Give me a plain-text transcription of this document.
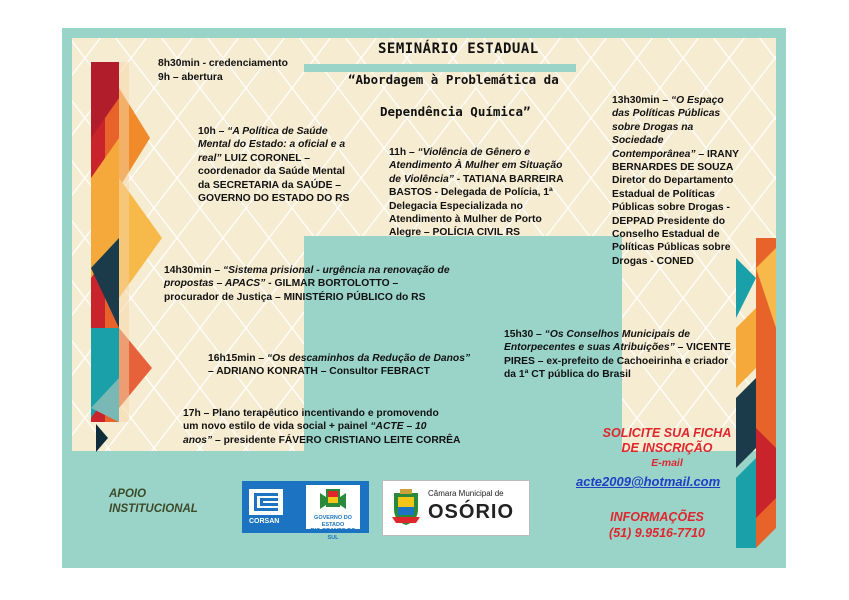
SEMINÁRIO ESTADUAL
“Abordagem à Problemática da
Dependência Química”
8h30min - credenciamento
9h – abertura
10h – “A Política de Saúde Mental do Estado: a oficial e a real” LUIZ CORONEL – coordenador da Saúde Mental da SECRETARIA da SAÚDE – GOVERNO DO ESTADO DO RS
11h – “Violência de Gênero e Atendimento À Mulher em Situação de Violência” - TATIANA BARREIRA BASTOS - Delegada de Polícia, 1ª Delegacia Especializada no Atendimento à Mulher de Porto Alegre – POLÍCIA CIVIL RS
13h30min – “O Espaço das Políticas Públicas sobre Drogas na Sociedade Contemporânea” – IRANY BERNARDES DE SOUZA Diretor do Departamento Estadual de Políticas Públicas sobre Drogas - DEPPAD Presidente do Conselho Estadual de Políticas Públicas sobre Drogas - CONED
14h30min – “Sistema prisional - urgência na renovação de propostas – APACS” - GILMAR BORTOLOTTO – procurador de Justiça – MINISTÉRIO PÚBLICO do RS
15h30 – “Os Conselhos Municipais de Entorpecentes e suas Atribuições” – VICENTE PIRES – ex-prefeito de Cachoeirinha e criador da 1ª CT pública do Brasil
16h15min – “Os descaminhos da Redução de Danos” – ADRIANO KONRATH – Consultor FEBRACT
17h – Plano terapêutico incentivando e promovendo
um novo estilo de vida social + painel “ACTE – 10
anos” – presidente FÁVERO CRISTIANO LEITE CORRÊA
APOIO
INSTITUCIONAL
CORSAN	GOVERNO DO ESTADO
RIO GRANDE DO SUL
Câmara Municipal de
OSÓRIO
SOLICITE SUA FICHA
DE INSCRIÇÃO
E-mail
acte2009@hotmail.com
INFORMAÇÕES
(51) 9.9516-7710
